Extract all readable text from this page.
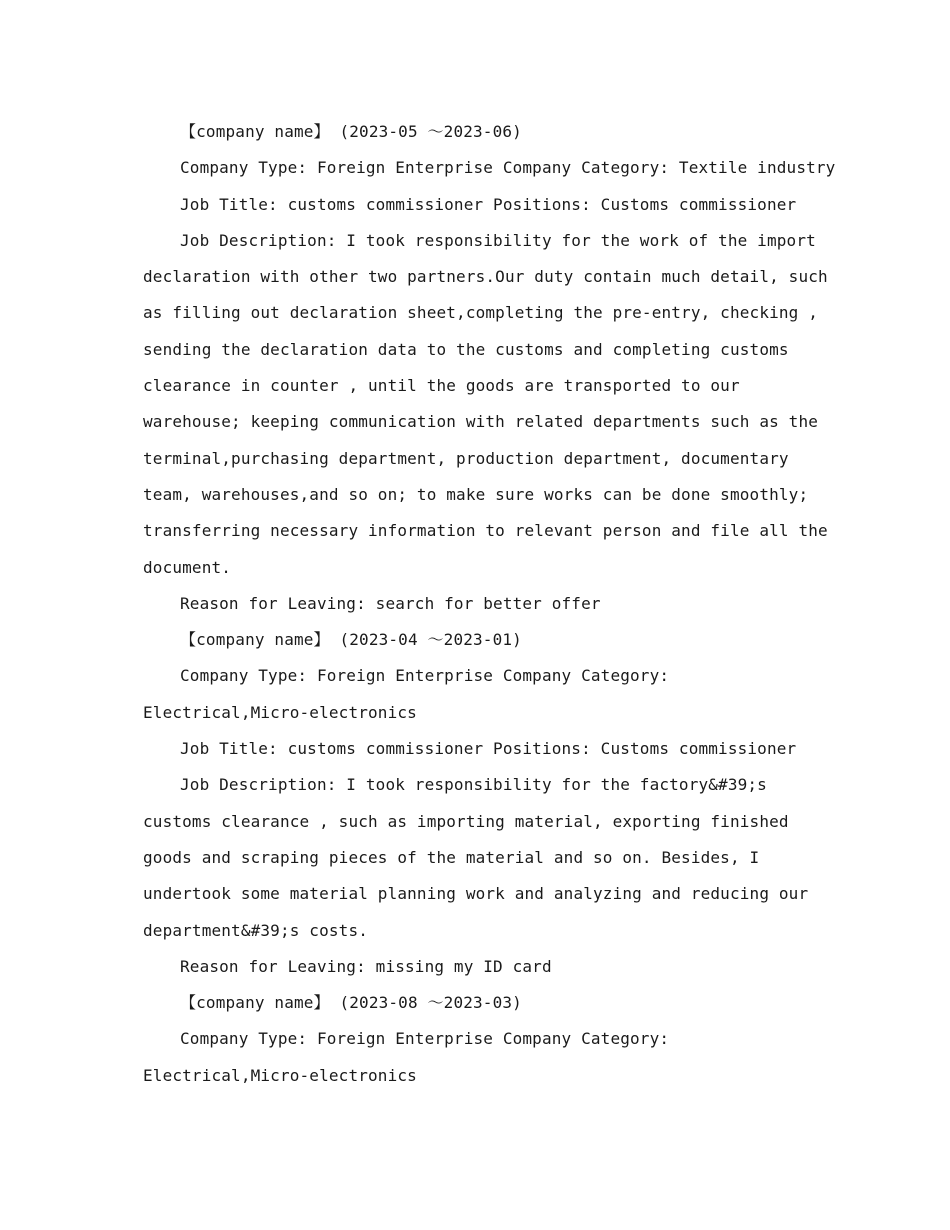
【company name】 (2023-05 ～2023-06)
Company Type: Foreign Enterprise Company Category: Textile industry
Job Title: customs commissioner Positions: Customs commissioner
Job Description: I took responsibility for the work of the import
declaration with other two partners.Our duty contain much detail, such
as filling out declaration sheet,completing the pre-entry, checking ,
sending the declaration data to the customs and completing customs
clearance in counter , until the goods are transported to our
warehouse; keeping communication with related departments such as the
terminal,purchasing department, production department, documentary
team, warehouses,and so on; to make sure works can be done smoothly;
transferring necessary information to relevant person and file all the
document.
Reason for Leaving: search for better offer
【company name】 (2023-04 ～2023-01)
Company Type: Foreign Enterprise Company Category:
Electrical,Micro-electronics
Job Title: customs commissioner Positions: Customs commissioner
Job Description: I took responsibility for the factory&#39;s
customs clearance , such as importing material, exporting finished
goods and scraping pieces of the material and so on. Besides, I
undertook some material planning work and analyzing and reducing our
department&#39;s costs.
Reason for Leaving: missing my ID card
【company name】 (2023-08 ～2023-03)
Company Type: Foreign Enterprise Company Category:
Electrical,Micro-electronics
